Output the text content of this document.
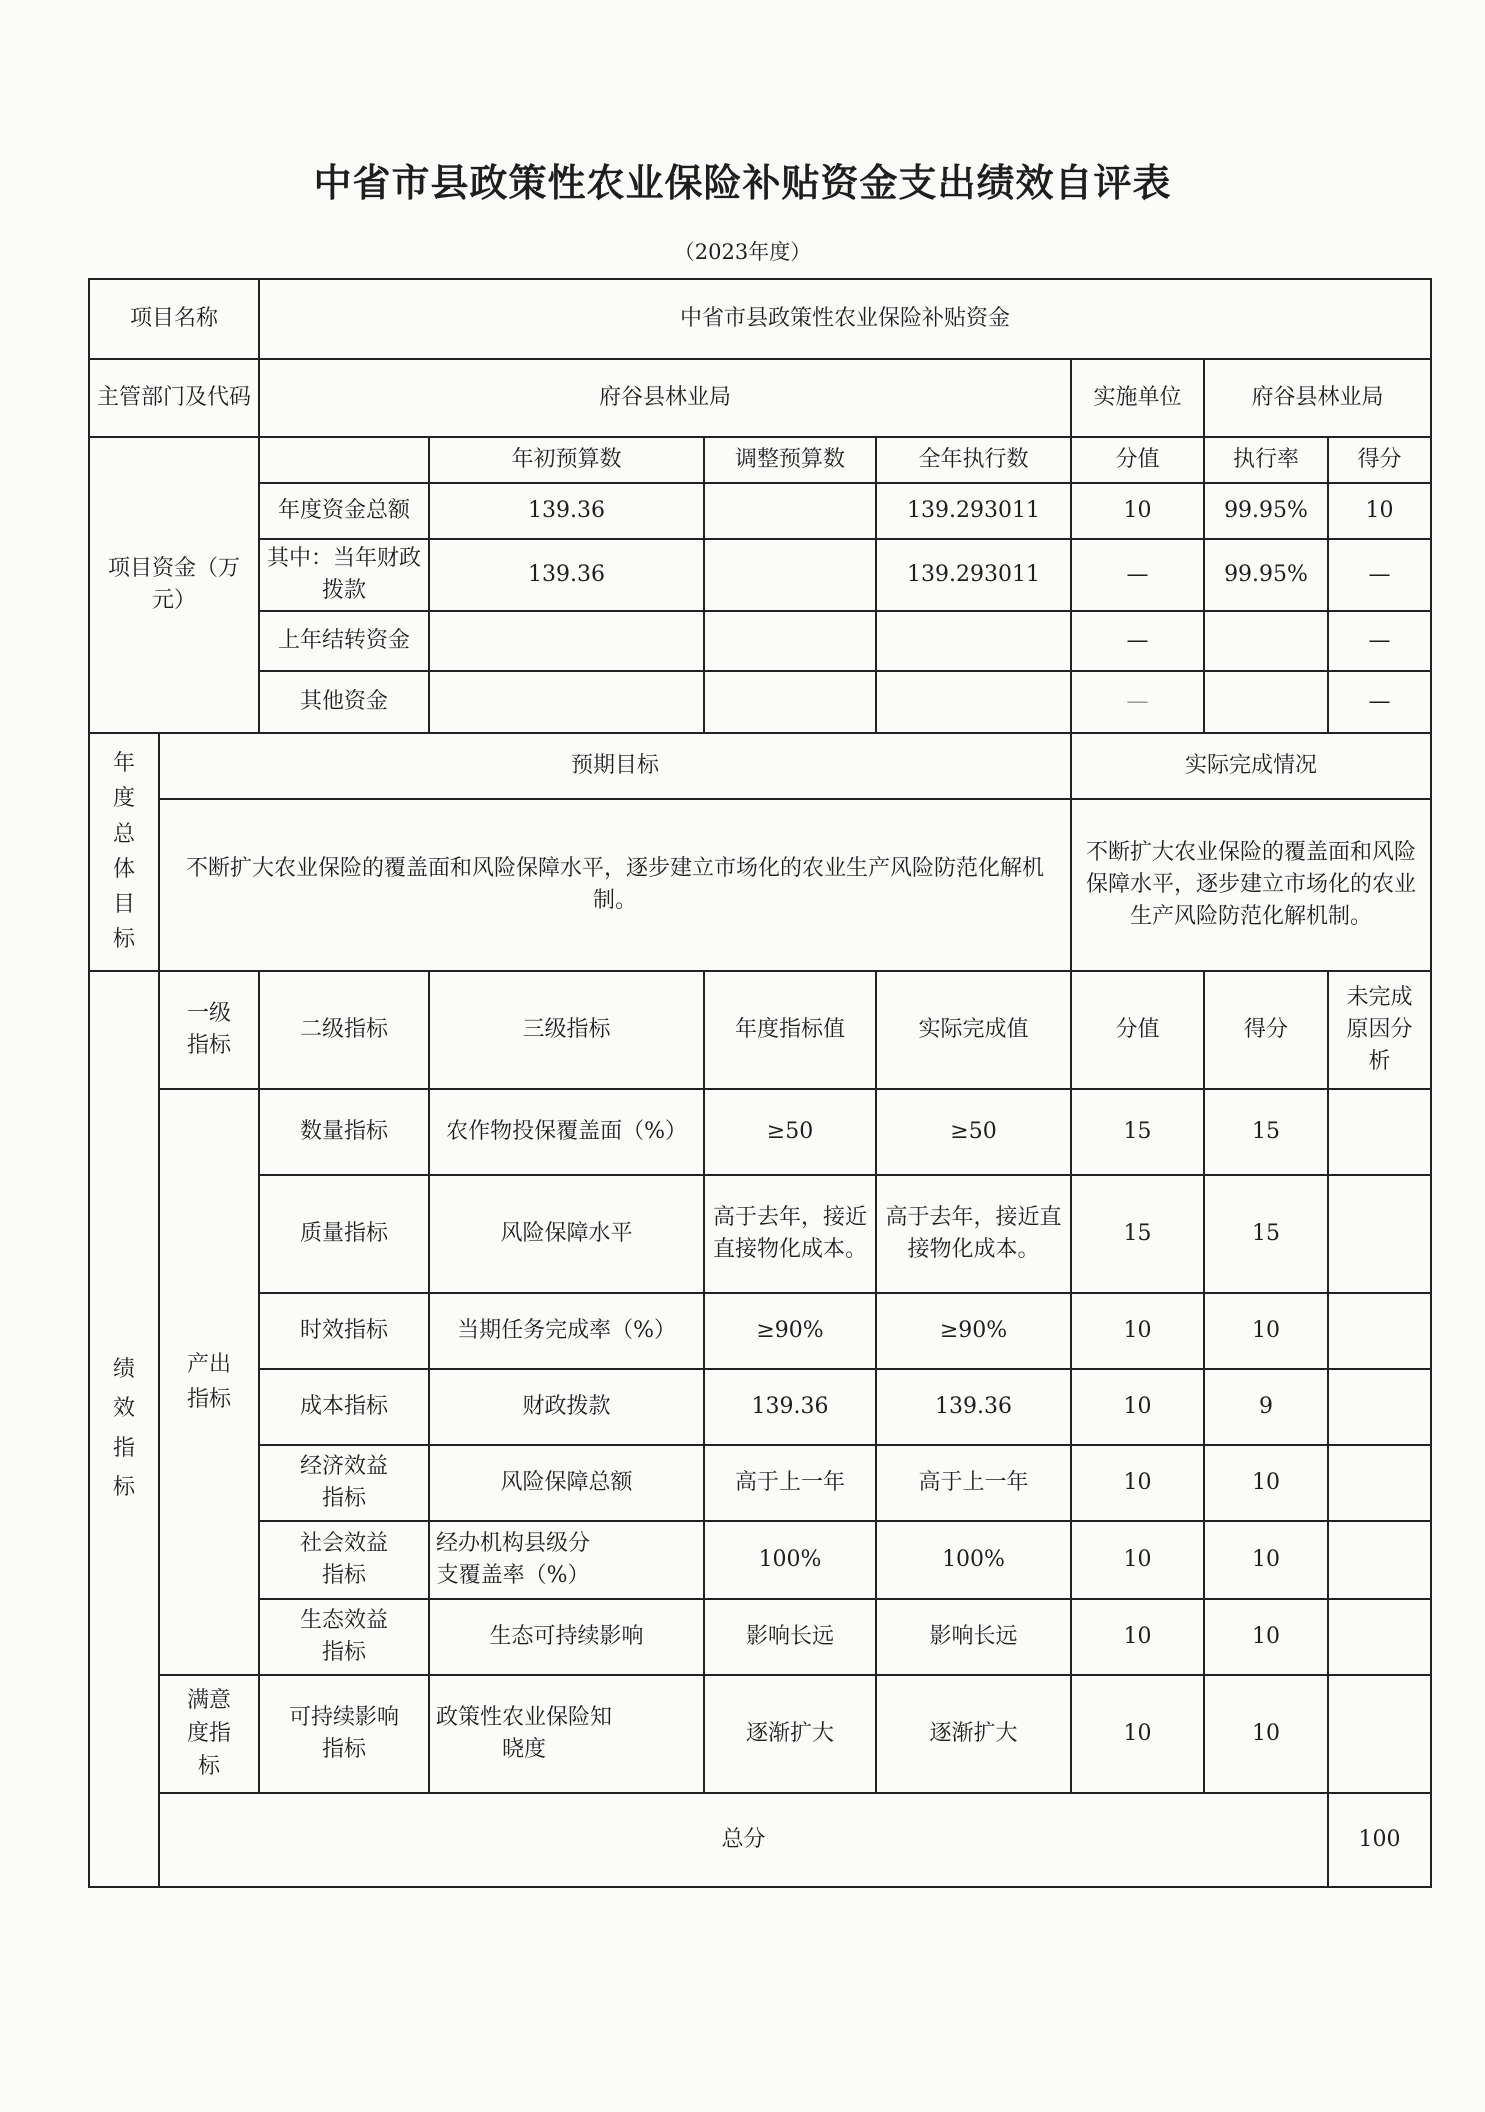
中省市县政策性农业保险补贴资金支出绩效自评表
（2023年度）
项目名称		中省市县政策性农业保险补贴资金							
主管部门及代码		府谷县林业局				实施单位	府谷县林业局		
项目资金（万元）			年初预算数	调整预算数	全年执行数	分值	执行率	得分	
		年度资金总额	139.36		139.293011	10	99.95%	10	
		其中：当年财政拨款	139.36		139.293011	—	99.95%	—	
		上年结转资金				—		—	
		其他资金				—		—	

年度总体目标	预期目标					实际完成情况			
	不断扩大农业保险的覆盖面和风险保障水平，逐步建立市场化的农业生产风险防范化解机制。					不断扩大农业保险的覆盖面和风险保障水平，逐步建立市场化的农业生产风险防范化解机制。			

绩效指标	一级指标	二级指标	三级指标	年度指标值	实际完成值	分值	得分	未完成原因分析	

	产出指标	数量指标	农作物投保覆盖面（%）	≥50	≥50	15	15		
		质量指标	风险保障水平	高于去年，接近直接物化成本。	高于去年，接近直接物化成本。	15	15		
		时效指标	当期任务完成率（%）	≥90%	≥90%	10	10		
		成本指标	财政拨款	139.36	139.36	10	9		

		经济效益指标	风险保障总额	高于上一年	高于上一年	10	10		

		社会效益指标	经办机构县级分支覆盖率（%）	100%	100%	10	10		

		生态效益指标	生态可持续影响	影响长远	影响长远	10	10		

	满意度指标	可持续影响指标	政策性农业保险知晓度	逐渐扩大	逐渐扩大	10	10		
	总分							100	
